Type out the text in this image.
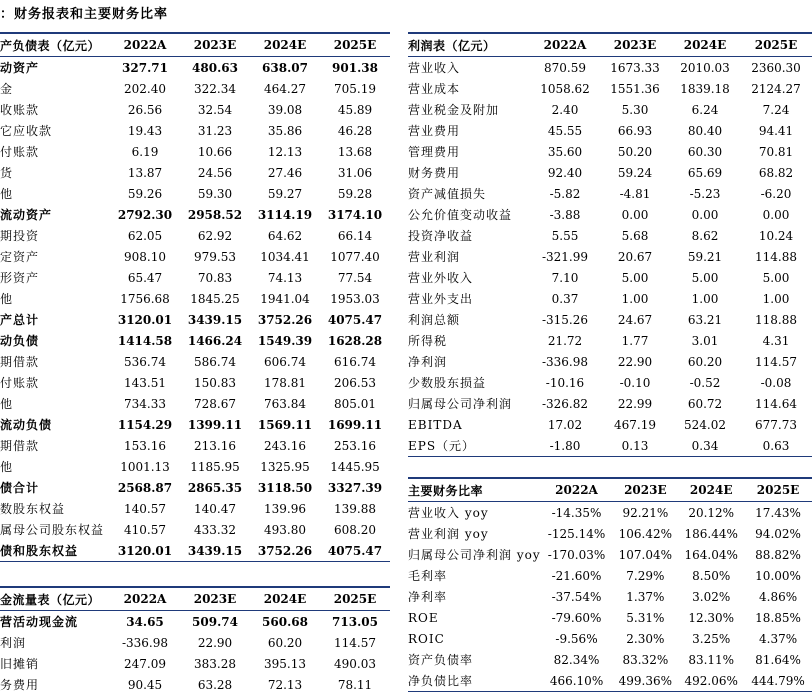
：财务报表和主要财务比率
产负债表（亿元）	2022A	2023E	2024E	2025E
动资产	327.71	480.63	638.07	901.38
金	202.40	322.34	464.27	705.19
收账款	26.56	32.54	39.08	45.89
它应收款	19.43	31.23	35.86	46.28
付账款	6.19	10.66	12.13	13.68
货	13.87	24.56	27.46	31.06
他	59.26	59.30	59.27	59.28
流动资产	2792.30	2958.52	3114.19	3174.10
期投资	62.05	62.92	64.62	66.14
定资产	908.10	979.53	1034.41	1077.40
形资产	65.47	70.83	74.13	77.54
他	1756.68	1845.25	1941.04	1953.03
产总计	3120.01	3439.15	3752.26	4075.47
动负债	1414.58	1466.24	1549.39	1628.28
期借款	536.74	586.74	606.74	616.74
付账款	143.51	150.83	178.81	206.53
他	734.33	728.67	763.84	805.01
流动负债	1154.29	1399.11	1569.11	1699.11
期借款	153.16	213.16	243.16	253.16
他	1001.13	1185.95	1325.95	1445.95
债合计	2568.87	2865.35	3118.50	3327.39
数股东权益	140.57	140.47	139.96	139.88
属母公司股东权益	410.57	433.32	493.80	608.20
债和股东权益	3120.01	3439.15	3752.26	4075.47
利润表（亿元）	2022A	2023E	2024E	2025E
营业收入	870.59	1673.33	2010.03	2360.30
营业成本	1058.62	1551.36	1839.18	2124.27
营业税金及附加	2.40	5.30	6.24	7.24
营业费用	45.55	66.93	80.40	94.41
管理费用	35.60	50.20	60.30	70.81
财务费用	92.40	59.24	65.69	68.82
资产减值损失	-5.82	-4.81	-5.23	-6.20
公允价值变动收益	-3.88	0.00	0.00	0.00
投资净收益	5.55	5.68	8.62	10.24
营业利润	-321.99	20.67	59.21	114.88
营业外收入	7.10	5.00	5.00	5.00
营业外支出	0.37	1.00	1.00	1.00
利润总额	-315.26	24.67	63.21	118.88
所得税	21.72	1.77	3.01	4.31
净利润	-336.98	22.90	60.20	114.57
少数股东损益	-10.16	-0.10	-0.52	-0.08
归属母公司净利润	-326.82	22.99	60.72	114.64
EBITDA	17.02	467.19	524.02	677.73
EPS（元）	-1.80	0.13	0.34	0.63
主要财务比率	2022A	2023E	2024E	2025E
营业收入 yoy	-14.35%	92.21%	20.12%	17.43%
营业利润 yoy	-125.14%	106.42%	186.44%	94.02%
归属母公司净利润 yoy	-170.03%	107.04%	164.04%	88.82%
毛利率	-21.60%	7.29%	8.50%	10.00%
净利率	-37.54%	1.37%	3.02%	4.86%
ROE	-79.60%	5.31%	12.30%	18.85%
ROIC	-9.56%	2.30%	3.25%	4.37%
资产负债率	82.34%	83.32%	83.11%	81.64%
净负债比率	466.10%	499.36%	492.06%	444.79%
金流量表（亿元）	2022A	2023E	2024E	2025E
营活动现金流	34.65	509.74	560.68	713.05
利润	-336.98	22.90	60.20	114.57
旧摊销	247.09	383.28	395.13	490.03
务费用	90.45	63.28	72.13	78.11
